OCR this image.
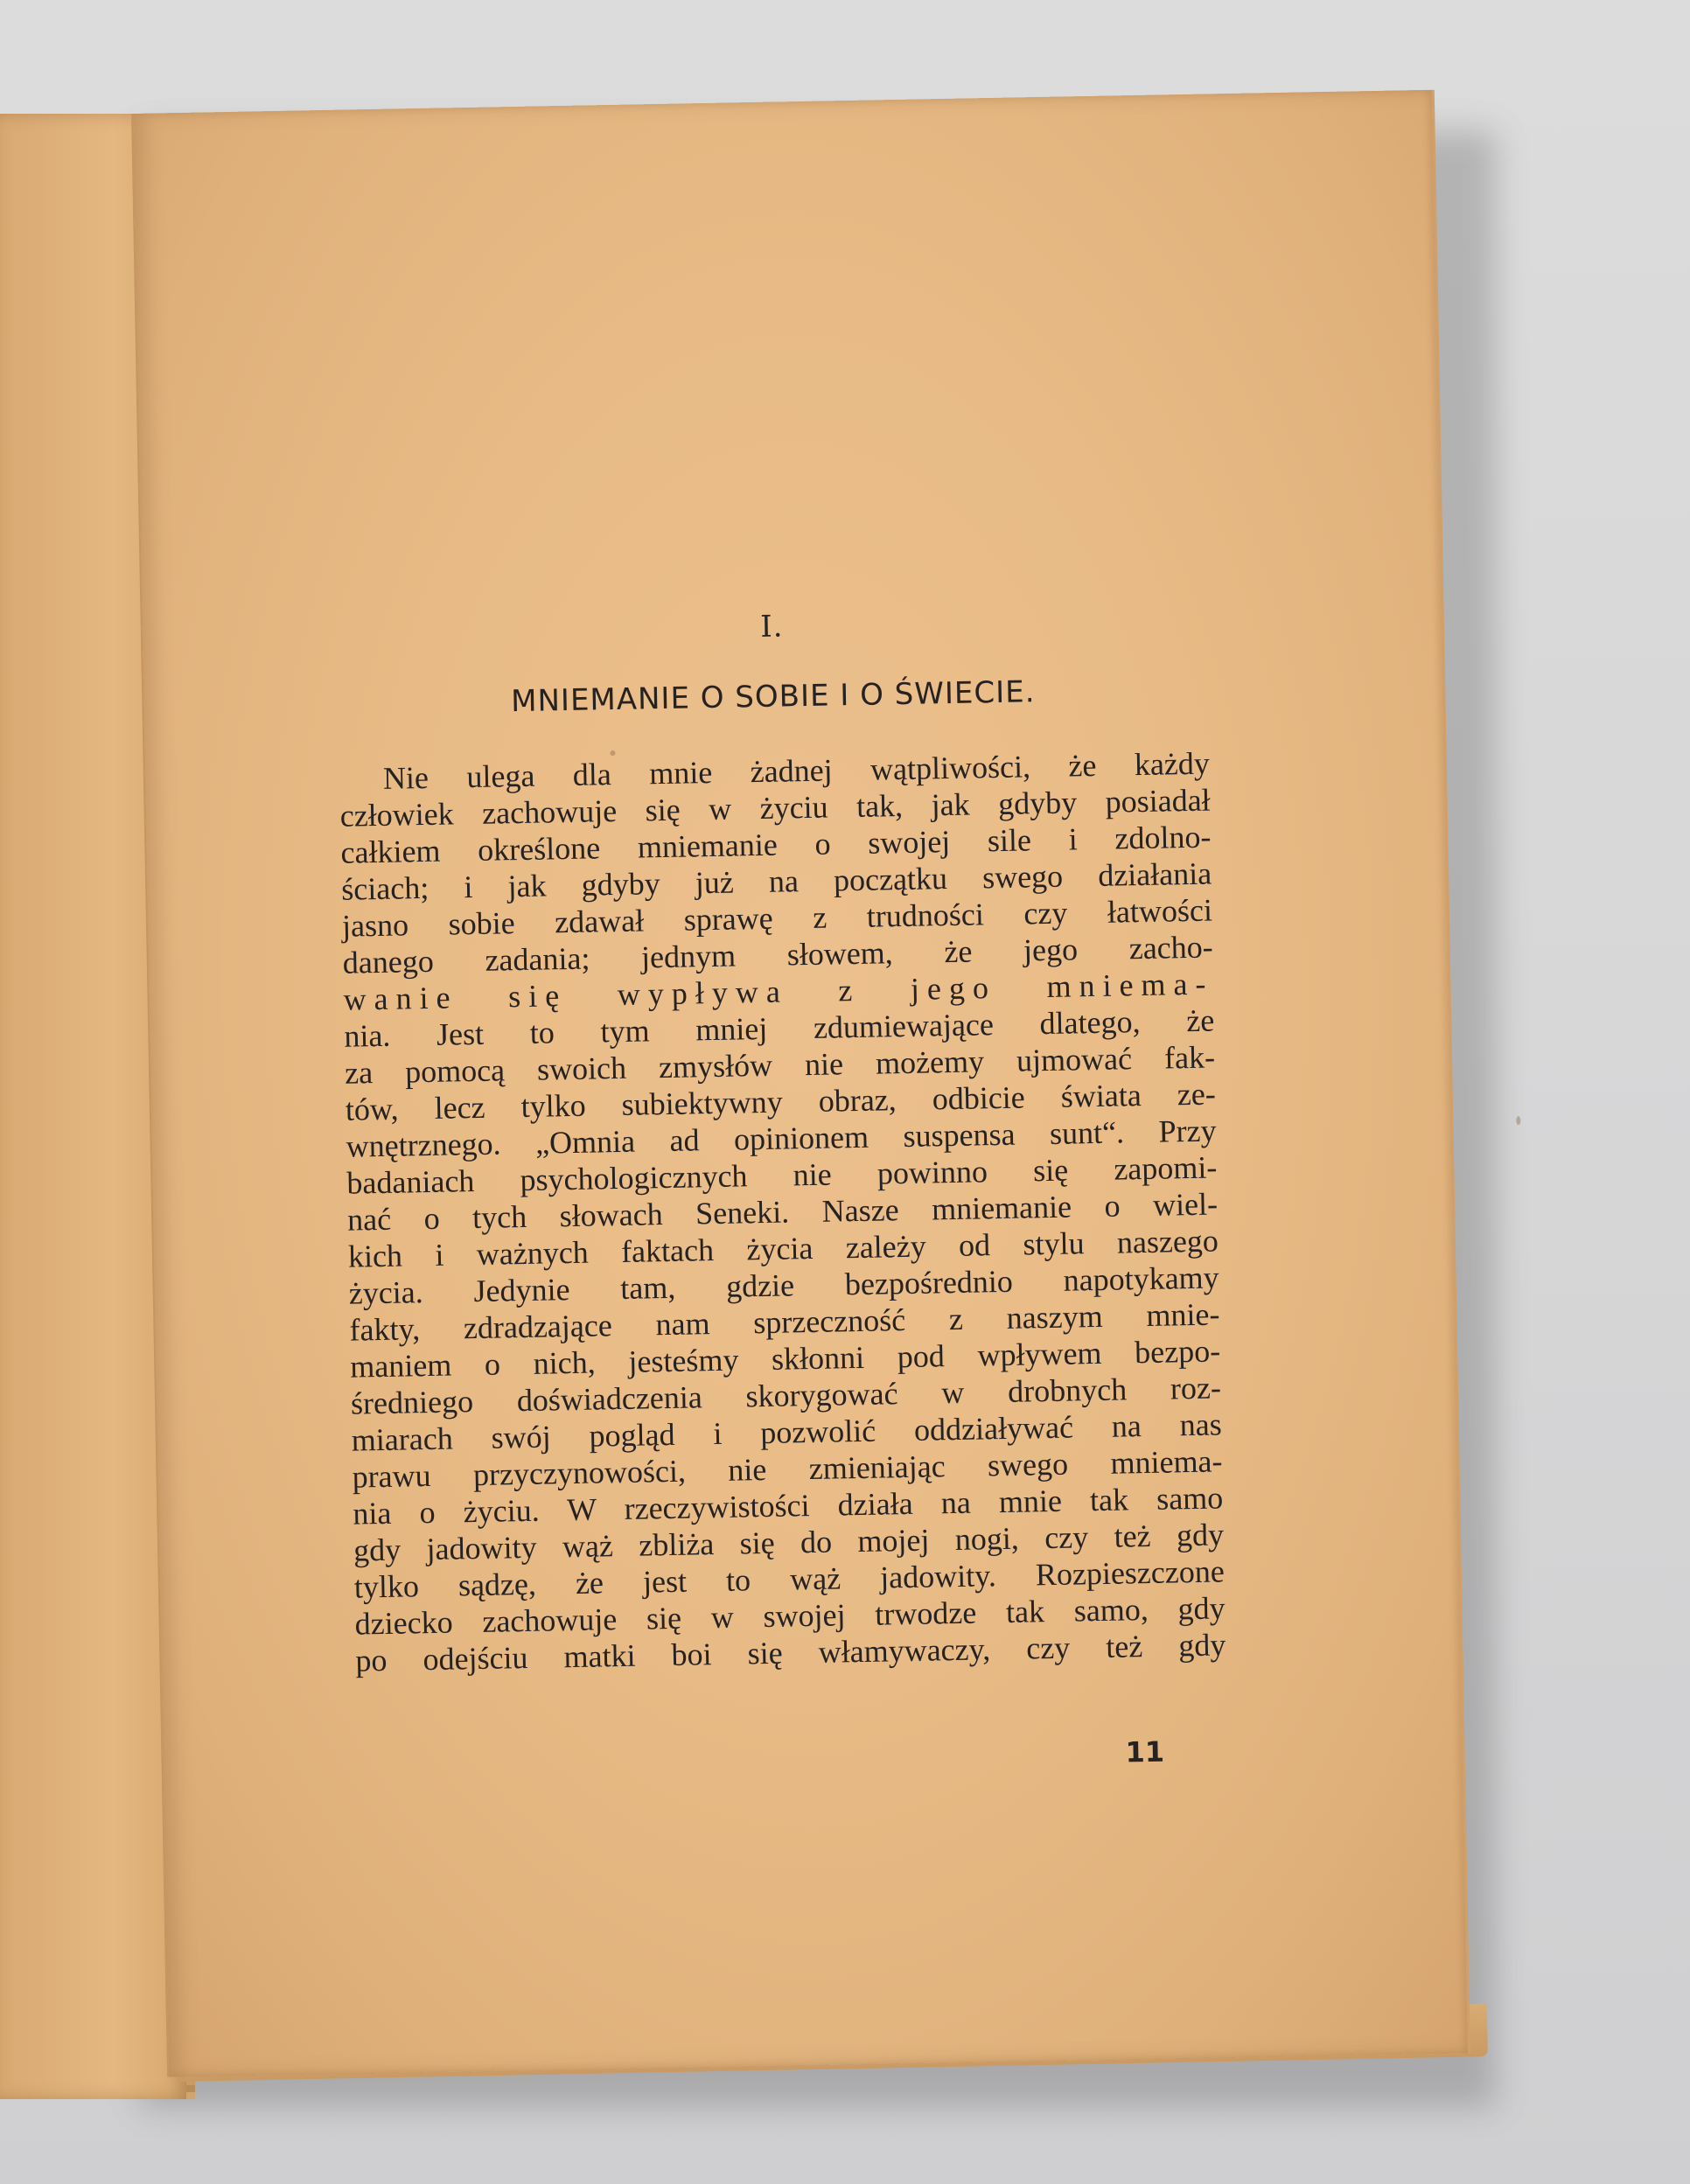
I.
MNIEMANIE O SOBIE I O ŚWIECIE.
Nie ulega dla mnie żadnej wątpliwości, że każdy
człowiek zachowuje się w życiu tak, jak gdyby posiadał
całkiem określone mniemanie o swojej sile i zdolno-
ściach; i jak gdyby już na początku swego działania
jasno sobie zdawał sprawę z trudności czy łatwości
danego zadania; jednym słowem, że jego zacho-
wanie się wypływa z jego mniema-
nia. Jest to tym mniej zdumiewające dlatego, że
za pomocą swoich zmysłów nie możemy ujmować fak-
tów, lecz tylko subiektywny obraz, odbicie świata ze-
wnętrznego. „Omnia ad opinionem suspensa sunt“. Przy
badaniach psychologicznych nie powinno się zapomi-
nać o tych słowach Seneki. Nasze mniemanie o wiel-
kich i ważnych faktach życia zależy od stylu naszego
życia. Jedynie tam, gdzie bezpośrednio napotykamy
fakty, zdradzające nam sprzeczność z naszym mnie-
maniem o nich, jesteśmy skłonni pod wpływem bezpo-
średniego doświadczenia skorygować w drobnych roz-
miarach swój pogląd i pozwolić oddziaływać na nas
prawu przyczynowości, nie zmieniając swego mniema-
nia o życiu. W rzeczywistości działa na mnie tak samo
gdy jadowity wąż zbliża się do mojej nogi, czy też gdy
tylko sądzę, że jest to wąż jadowity. Rozpieszczone
dziecko zachowuje się w swojej trwodze tak samo, gdy
po odejściu matki boi się włamywaczy, czy też gdy
11
